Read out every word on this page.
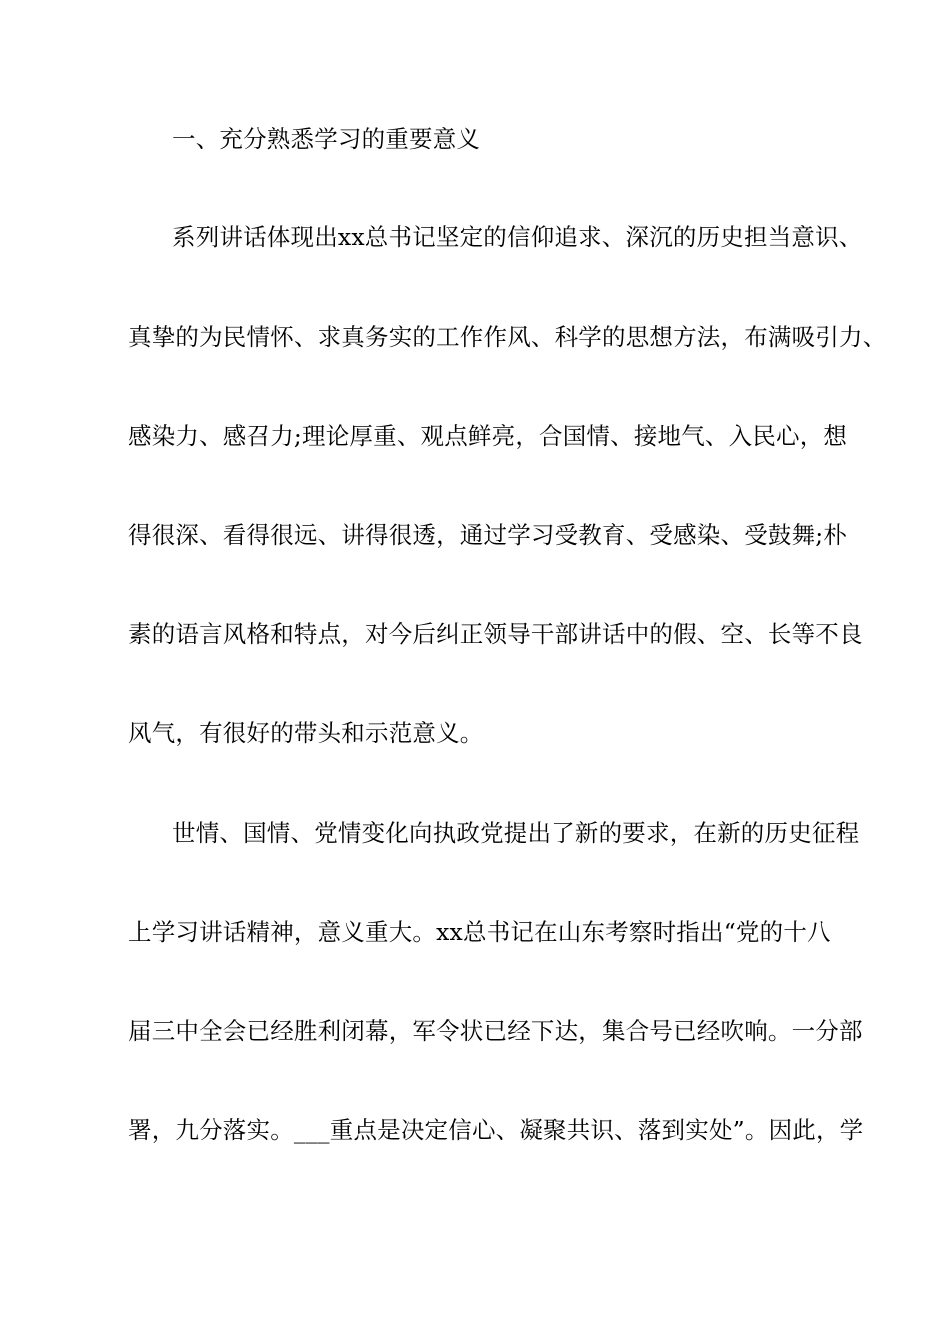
一、充分熟悉学习的重要意义
系列讲话体现出xx总书记坚定的信仰追求、深沉的历史担当意识、
真挚的为民情怀、求真务实的工作作风、科学的思想方法，布满吸引力、
感染力、感召力;理论厚重、观点鲜亮，合国情、接地气、入民心，想
得很深、看得很远、讲得很透，通过学习受教育、受感染、受鼓舞;朴
素的语言风格和特点，对今后纠正领导干部讲话中的假、空、长等不良
风气，有很好的带头和示范意义。
世情、国情、党情变化向执政党提出了新的要求，在新的历史征程
上学习讲话精神，意义重大。xx总书记在山东考察时指出“党的十八
届三中全会已经胜利闭幕，军令状已经下达，集合号已经吹响。一分部
署，九分落实。___重点是决定信心、凝聚共识、落到实处”。因此，学
